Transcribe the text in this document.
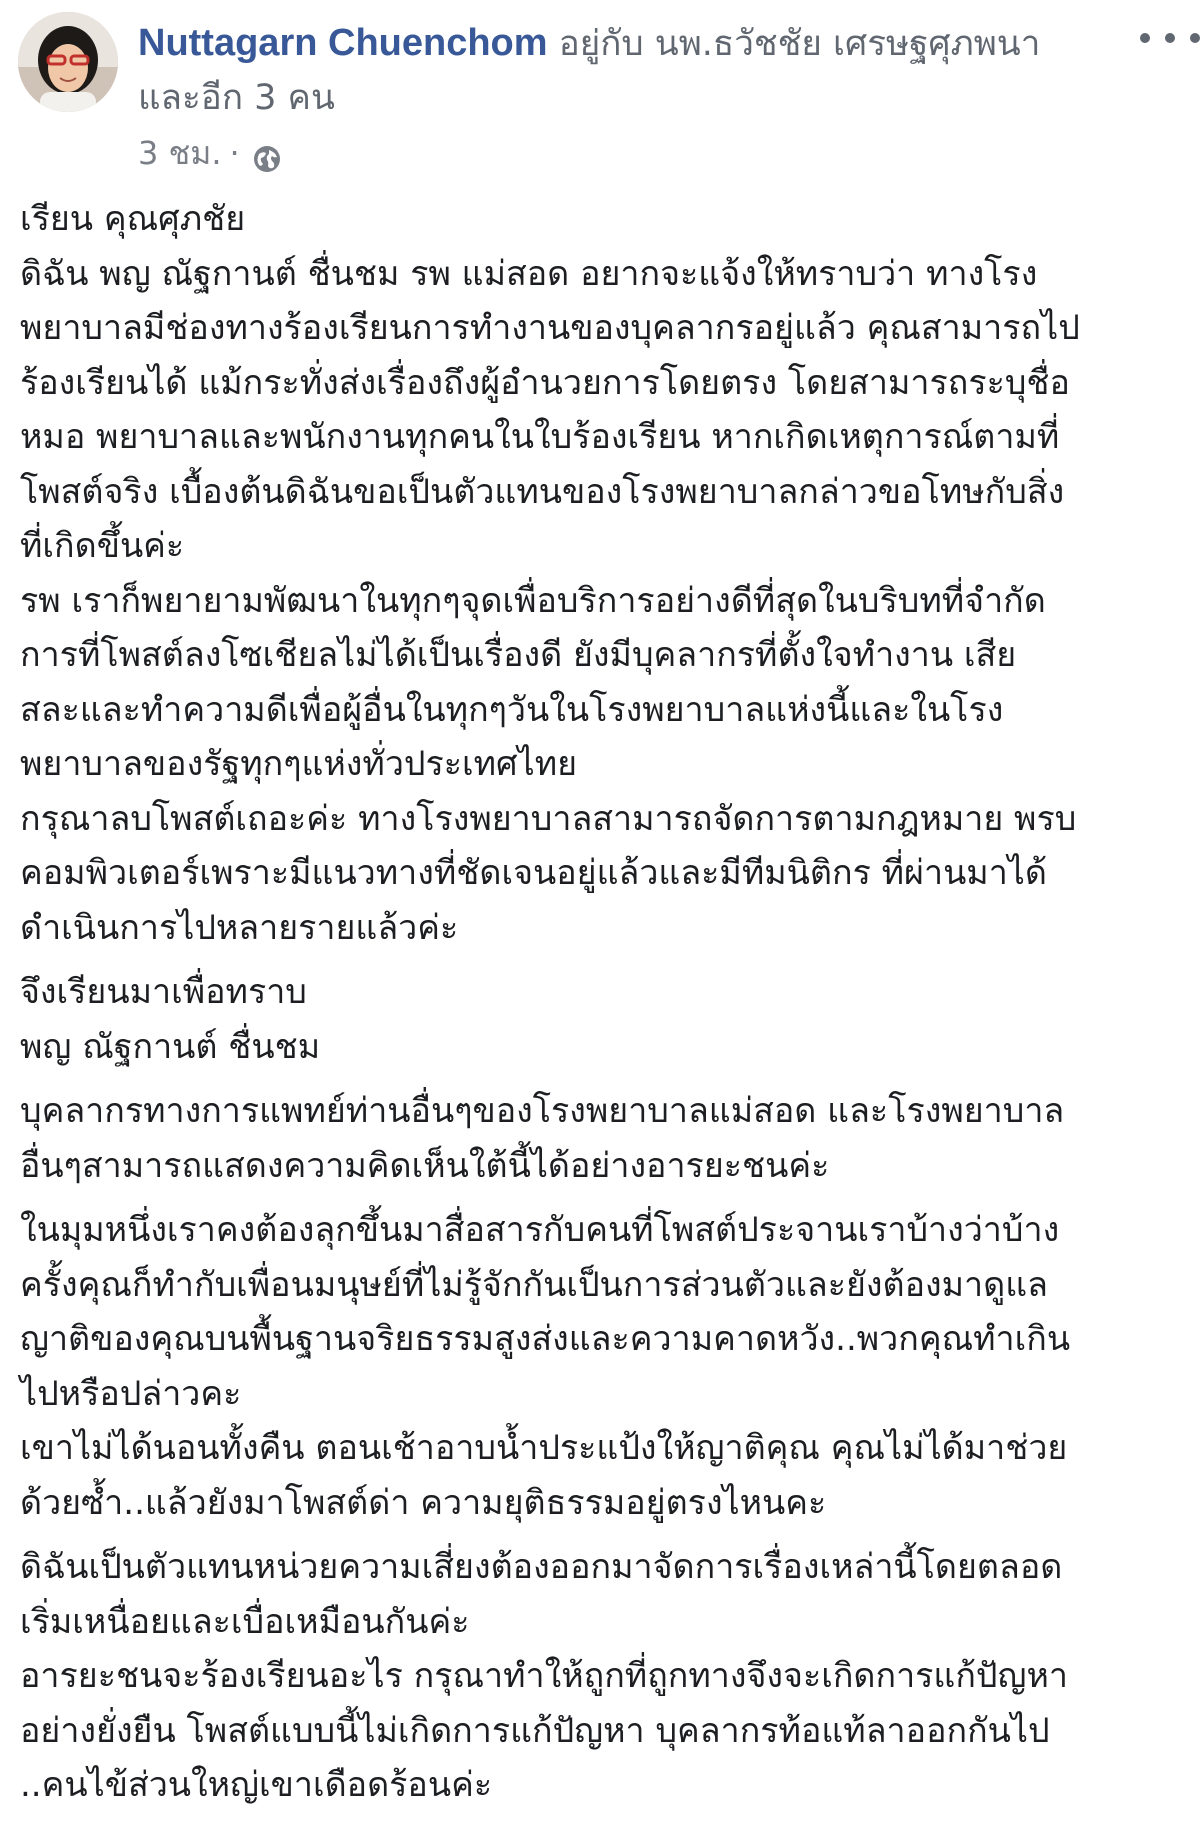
Nuttagarn Chuenchom อยู่กับ นพ.ธวัชชัย เศรษฐศุภพนา
และอีก 3 คน
3 ชม. ·
เรียน คุณศุภชัย
ดิฉัน พญ ณัฐกานต์ ชื่นชม รพ แม่สอด อยากจะแจ้งให้ทราบว่า ทางโรง
พยาบาลมีช่องทางร้องเรียนการทำงานของบุคลากรอยู่แล้ว คุณสามารถไป
ร้องเรียนได้ แม้กระทั่งส่งเรื่องถึงผู้อำนวยการโดยตรง โดยสามารถระบุชื่อ
หมอ พยาบาลและพนักงานทุกคนในใบร้องเรียน หากเกิดเหตุการณ์ตามที่
โพสต์จริง เบื้องต้นดิฉันขอเป็นตัวแทนของโรงพยาบาลกล่าวขอโทษกับสิ่ง
ที่เกิดขึ้นค่ะ
รพ เราก็พยายามพัฒนาในทุกๆจุดเพื่อบริการอย่างดีที่สุดในบริบทที่จำกัด
การที่โพสต์ลงโซเชียลไม่ได้เป็นเรื่องดี ยังมีบุคลากรที่ตั้งใจทำงาน เสีย
สละและทำความดีเพื่อผู้อื่นในทุกๆวันในโรงพยาบาลแห่งนี้และในโรง
พยาบาลของรัฐทุกๆแห่งทั่วประเทศไทย
กรุณาลบโพสต์เถอะค่ะ ทางโรงพยาบาลสามารถจัดการตามกฎหมาย พรบ
คอมพิวเตอร์เพราะมีแนวทางที่ชัดเจนอยู่แล้วและมีทีมนิติกร ที่ผ่านมาได้
ดำเนินการไปหลายรายแล้วค่ะ
จึงเรียนมาเพื่อทราบ
พญ ณัฐกานต์ ชื่นชม
บุคลากรทางการแพทย์ท่านอื่นๆของโรงพยาบาลแม่สอด และโรงพยาบาล
อื่นๆสามารถแสดงความคิดเห็นใต้นี้ได้อย่างอารยะชนค่ะ
ในมุมหนึ่งเราคงต้องลุกขึ้นมาสื่อสารกับคนที่โพสต์ประจานเราบ้างว่าบ้าง
ครั้งคุณก็ทำกับเพื่อนมนุษย์ที่ไม่รู้จักกันเป็นการส่วนตัวและยังต้องมาดูแล
ญาติของคุณบนพื้นฐานจริยธรรมสูงส่งและความคาดหวัง..พวกคุณทำเกิน
ไปหรือปล่าวคะ
เขาไม่ได้นอนทั้งคืน ตอนเช้าอาบน้ำประแป้งให้ญาติคุณ คุณไม่ได้มาช่วย
ด้วยซ้ำ..แล้วยังมาโพสต์ด่า ความยุติธรรมอยู่ตรงไหนคะ
ดิฉันเป็นตัวแทนหน่วยความเสี่ยงต้องออกมาจัดการเรื่องเหล่านี้โดยตลอด
เริ่มเหนื่อยและเบื่อเหมือนกันค่ะ
อารยะชนจะร้องเรียนอะไร กรุณาทำให้ถูกที่ถูกทางจึงจะเกิดการแก้ปัญหา
อย่างยั่งยืน โพสต์แบบนี้ไม่เกิดการแก้ปัญหา บุคลากรท้อแท้ลาออกกันไป
..คนไข้ส่วนใหญ่เขาเดือดร้อนค่ะ
